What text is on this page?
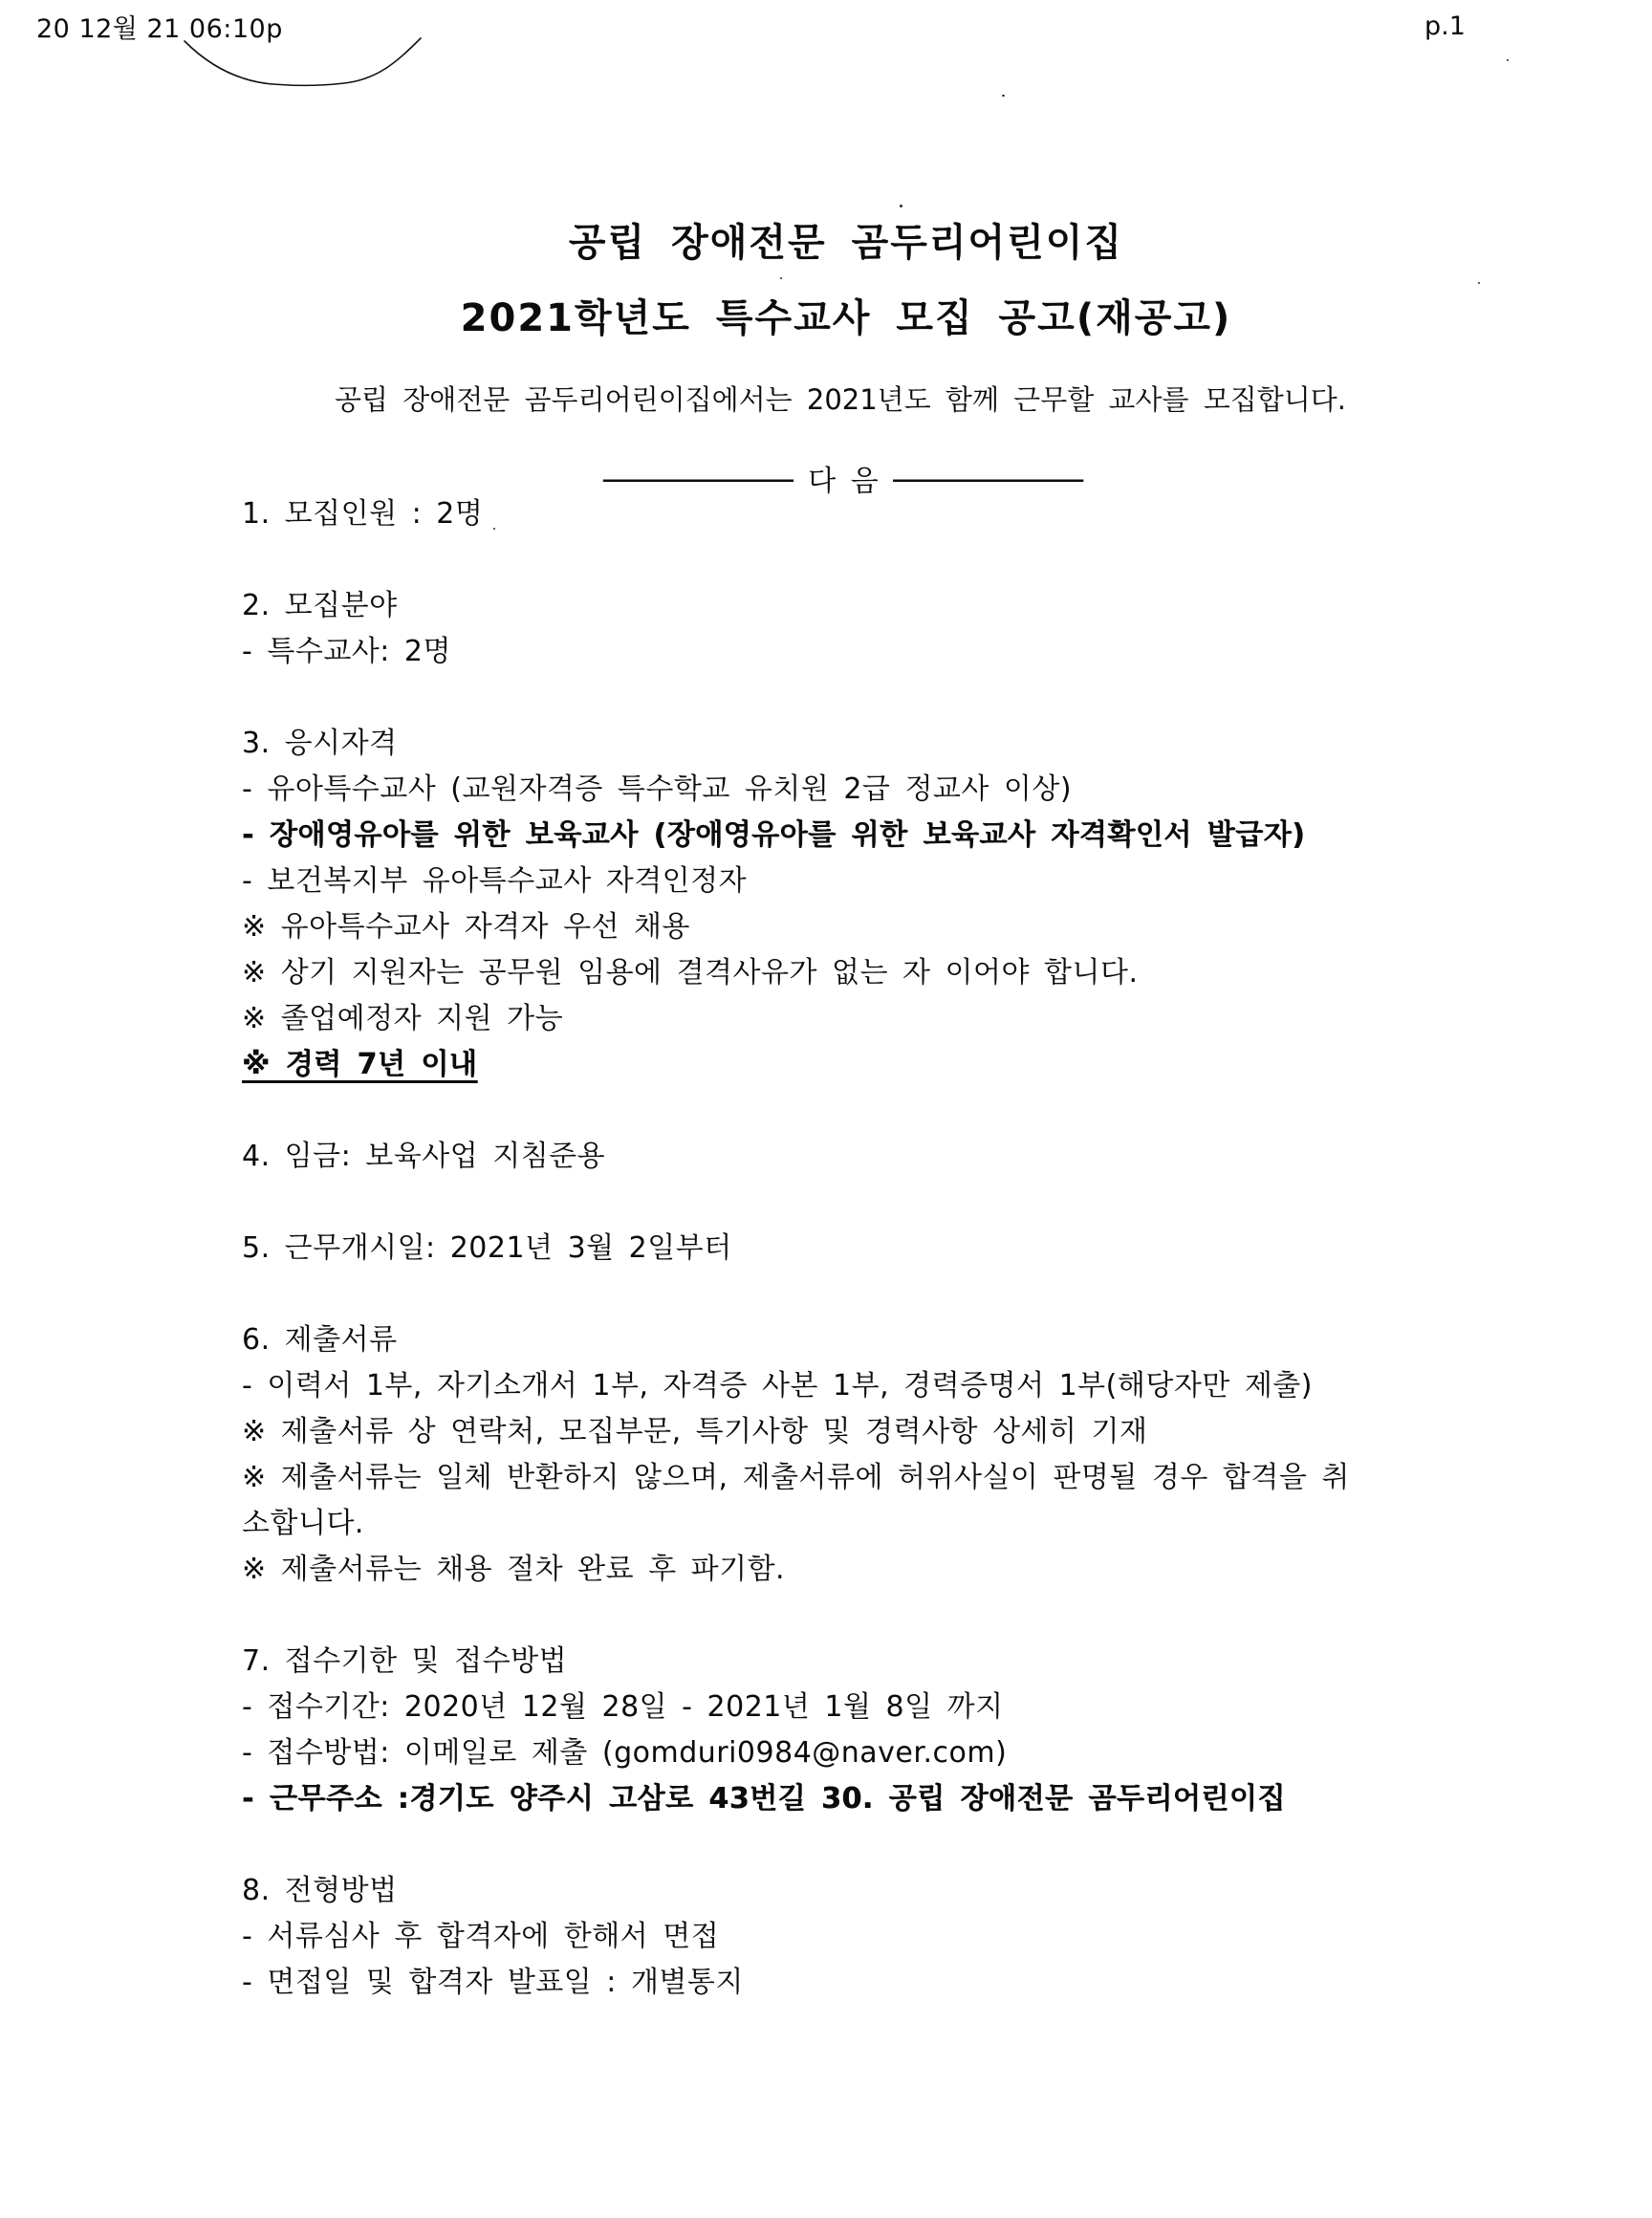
20 12월 21 06:10p	p.1
공립 장애전문 곰두리어린이집
2021학년도 특수교사 모집 공고(재공고)
공립 장애전문 곰두리어린이집에서는 2021년도 함께 근무할 교사를 모집합니다.
─────────── 다 음 ───────────
1. 모집인원 : 2명
2. 모집분야
- 특수교사: 2명
3. 응시자격
- 유아특수교사 (교원자격증 특수학교 유치원 2급 정교사 이상)
- 장애영유아를 위한 보육교사 (장애영유아를 위한 보육교사 자격확인서 발급자)
- 보건복지부 유아특수교사 자격인정자
※ 유아특수교사 자격자 우선 채용
※ 상기 지원자는 공무원 임용에 결격사유가 없는 자 이어야 합니다.
※ 졸업예정자 지원 가능
※ 경력 7년 이내
4. 임금: 보육사업 지침준용
5. 근무개시일: 2021년 3월 2일부터
6. 제출서류
- 이력서 1부, 자기소개서 1부, 자격증 사본 1부, 경력증명서 1부(해당자만 제출)
※ 제출서류 상 연락처, 모집부문, 특기사항 및 경력사항 상세히 기재
※ 제출서류는 일체 반환하지 않으며, 제출서류에 허위사실이 판명될 경우 합격을 취
소합니다.
※ 제출서류는 채용 절차 완료 후 파기함.
7. 접수기한 및 접수방법
- 접수기간: 2020년 12월 28일 - 2021년 1월 8일 까지
- 접수방법: 이메일로 제출 (gomduri0984@naver.com)
- 근무주소 :경기도 양주시 고삼로 43번길 30. 공립 장애전문 곰두리어린이집
8. 전형방법
- 서류심사 후 합격자에 한해서 면접
- 면접일 및 합격자 발표일 : 개별통지
